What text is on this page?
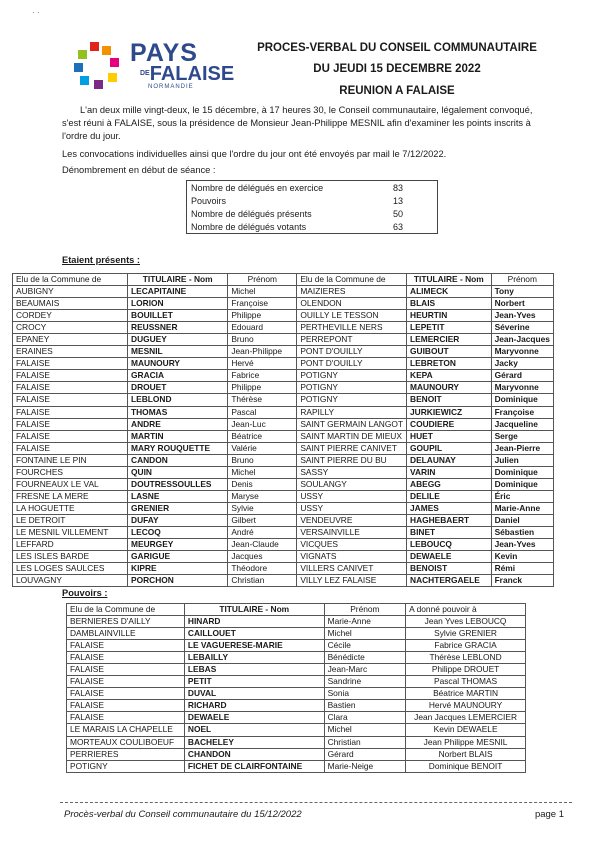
· ·
PAYS
$^{DE}$FALAISE
NORMANDIE
PROCES-VERBAL DU CONSEIL COMMUNAUTAIRE
DU JEUDI 15 DECEMBRE 2022
REUNION A FALAISE

L'an deux mille vingt-deux, le 15 décembre, à 17 heures 30, le Conseil communautaire, légalement convoqué, s'est réuni à FALAISE, sous la présidence de Monsieur Jean-Philippe MESNIL afin d'examiner les points inscrits à l'ordre du jour.

Les convocations individuelles ainsi que l'ordre du jour ont été envoyés par mail le 7/12/2022.

Dénombrement en début de séance :

Nombre de délégués en exercice	83
Pouvoirs	13
Nombre de délégués présents	50
Nombre de délégués votants	63
Etaient présents :
Elu de la Commune de	TITULAIRE - Nom	Prénom	Elu de la Commune de	TITULAIRE - Nom	Prénom
AUBIGNY	LECAPITAINE	Michel	MAIZIERES	ALIMECK	Tony
BEAUMAIS	LORION	Françoise	OLENDON	BLAIS	Norbert
CORDEY	BOUILLET	Philippe	OUILLY LE TESSON	HEURTIN	Jean-Yves
CROCY	REUSSNER	Edouard	PERTHEVILLE NERS	LEPETIT	Séverine
EPANEY	DUGUEY	Bruno	PERREPONT	LEMERCIER	Jean-Jacques
ERAINES	MESNIL	Jean-Philippe	PONT D'OUILLY	GUIBOUT	Maryvonne
FALAISE	MAUNOURY	Hervé	PONT D'OUILLY	LEBRETON	Jacky
FALAISE	GRACIA	Fabrice	POTIGNY	KEPA	Gérard
FALAISE	DROUET	Philippe	POTIGNY	MAUNOURY	Maryvonne
FALAISE	LEBLOND	Thérèse	POTIGNY	BENOIT	Dominique
FALAISE	THOMAS	Pascal	RAPILLY	JURKIEWICZ	Françoise
FALAISE	ANDRE	Jean-Luc	SAINT GERMAIN LANGOT	COUDIERE	Jacqueline
FALAISE	MARTIN	Béatrice	SAINT MARTIN DE MIEUX	HUET	Serge
FALAISE	MARY ROUQUETTE	Valérie	SAINT PIERRE CANIVET	GOUPIL	Jean-Pierre
FONTAINE LE PIN	CANDON	Bruno	SAINT PIERRE DU BU	DELAUNAY	Julien
FOURCHES	QUIN	Michel	SASSY	VARIN	Dominique
FOURNEAUX LE VAL	DOUTRESSOULLES	Denis	SOULANGY	ABEGG	Dominique
FRESNE LA MERE	LASNE	Maryse	USSY	DELILE	Éric
LA HOGUETTE	GRENIER	Sylvie	USSY	JAMES	Marie-Anne
LE DETROIT	DUFAY	Gilbert	VENDEUVRE	HAGHEBAERT	Daniel
LE MESNIL VILLEMENT	LECOQ	André	VERSAINVILLE	BINET	Sébastien
LEFFARD	MEURGEY	Jean-Claude	VICQUES	LEBOUCQ	Jean-Yves
LES ISLES BARDE	GARIGUE	Jacques	VIGNATS	DEWAELE	Kevin
LES LOGES SAULCES	KIPRE	Théodore	VILLERS CANIVET	BENOIST	Rémi
LOUVAGNY	PORCHON	Christian	VILLY LEZ FALAISE	NACHTERGAELE	Franck
Pouvoirs :
Elu de la Commune de	TITULAIRE - Nom	Prénom	A donné pouvoir à
BERNIERES D'AILLY	HINARD	Marie-Anne	Jean Yves LEBOUCQ
DAMBLAINVILLE	CAILLOUET	Michel	Sylvie GRENIER
FALAISE	LE VAGUERESE-MARIE	Cécile	Fabrice GRACIA
FALAISE	LEBAILLY	Bénédicte	Thérèse LEBLOND
FALAISE	LEBAS	Jean-Marc	Philippe DROUET
FALAISE	PETIT	Sandrine	Pascal THOMAS
FALAISE	DUVAL	Sonia	Béatrice MARTIN
FALAISE	RICHARD	Bastien	Hervé MAUNOURY
FALAISE	DEWAELE	Clara	Jean Jacques LEMERCIER
LE MARAIS LA CHAPELLE	NOEL	Michel	Kevin DEWAELE
MORTEAUX COULIBOEUF	BACHELEY	Christian	Jean Philippe MESNIL
PERRIERES	CHANDON	Gérard	Norbert BLAIS
POTIGNY	FICHET DE CLAIRFONTAINE	Marie-Neige	Dominique BENOIT
Procès-verbal du Conseil communautaire du 15/12/2022	page 1
